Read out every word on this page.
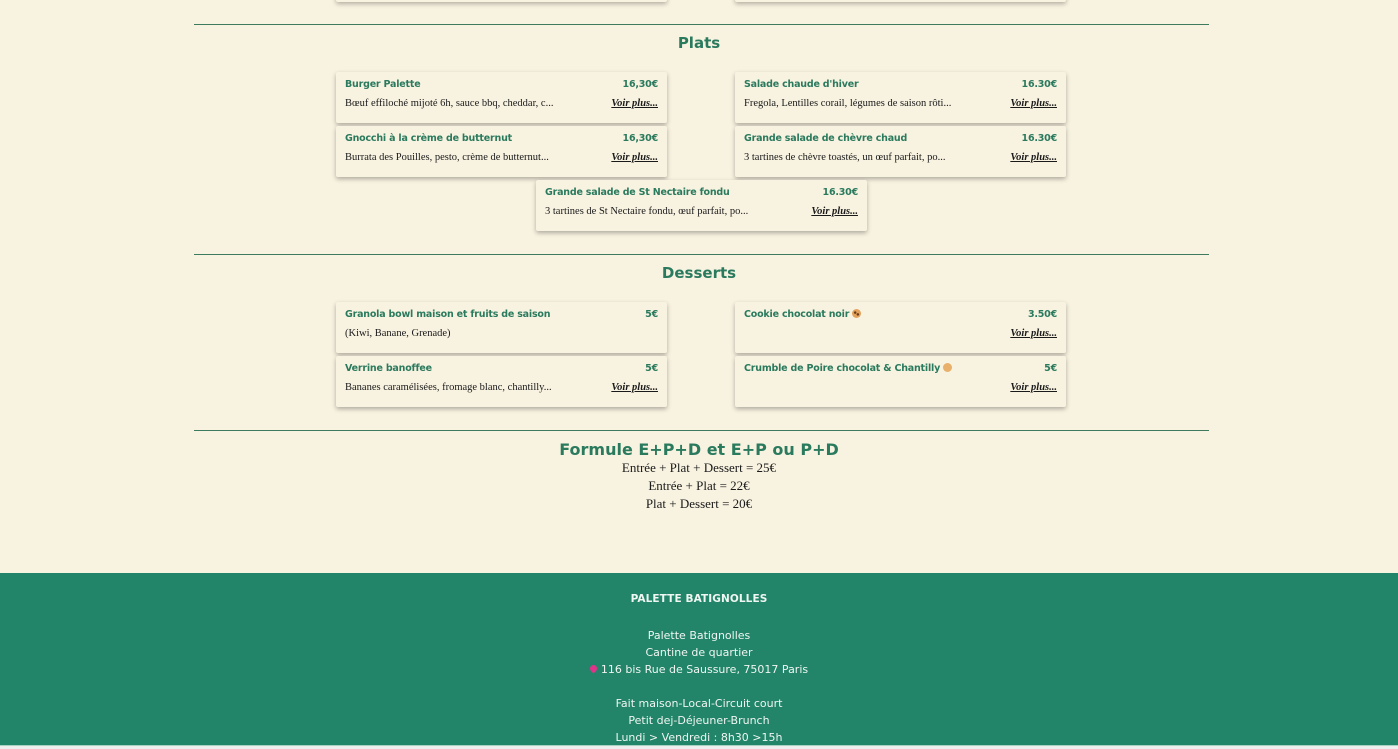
Plats
Burger Palette	16,30€
Bœuf effiloché mijoté 6h, sauce bbq, cheddar, c...	Voir plus...
Salade chaude d'hiver	16.30€
Fregola, Lentilles corail, légumes de saison rôti...	Voir plus...
Gnocchi à la crème de butternut	16,30€
Burrata des Pouilles, pesto, crème de butternut...	Voir plus...
Grande salade de chèvre chaud	16.30€
3 tartines de chèvre toastés, un œuf parfait, po...	Voir plus...
Grande salade de St Nectaire fondu	16.30€
3 tartines de St Nectaire fondu, œuf parfait, po...	Voir plus...
Desserts
Granola bowl maison et fruits de saison	5€
(Kiwi, Banane, Grenade)
Cookie chocolat noir	3.50€
Voir plus...
Verrine banoffee	5€
Bananes caramélisées, fromage blanc, chantilly...	Voir plus...
Crumble de Poire chocolat & Chantilly	5€
Voir plus...
Formule E+P+D et E+P ou P+D

Entrée + Plat + Dessert = 25€

Entrée + Plat = 22€

Plat + Dessert = 20€

PALETTE BATIGNOLLES
Palette Batignolles
Cantine de quartier
116 bis Rue de Saussure, 75017 Paris
Fait maison-Local-Circuit court
Petit dej-Déjeuner-Brunch
Lundi > Vendredi : 8h30 >15h
